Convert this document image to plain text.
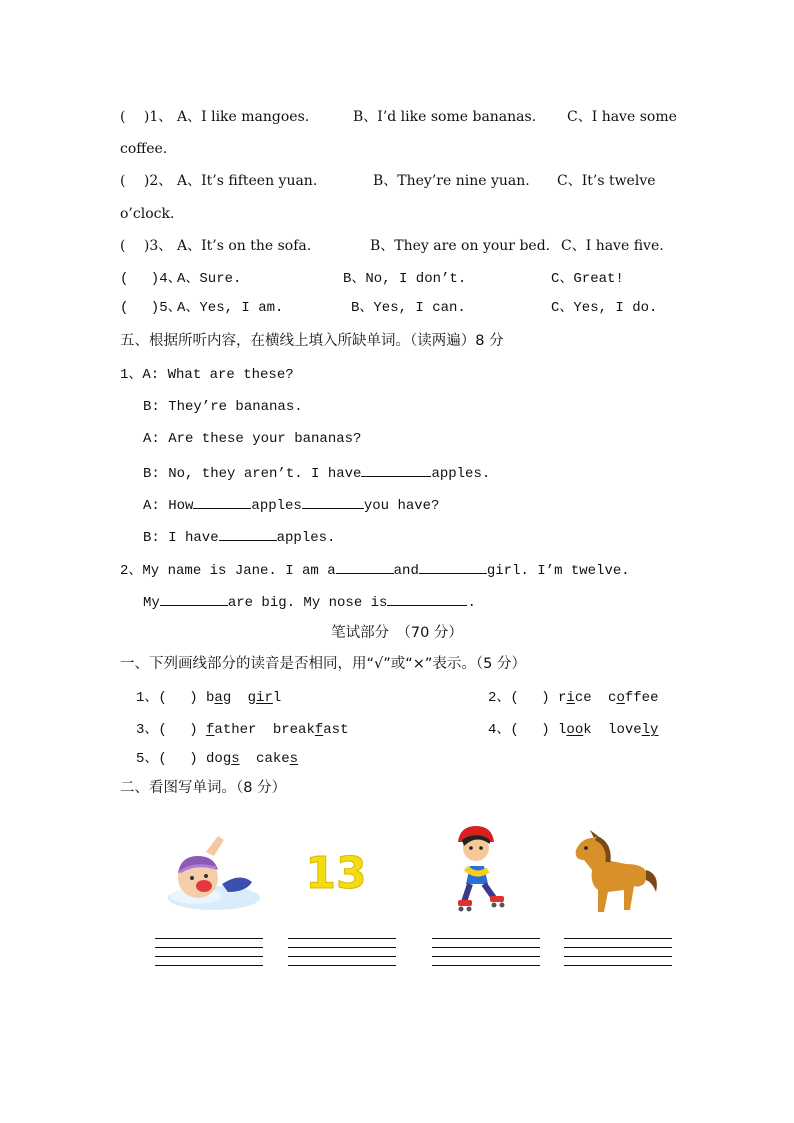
(　 )1、 A、I like mangoes.	B、I’d like some bananas. C、I have some
coffee.
(　 )2、 A、It’s fifteen yuan.	B、They’re nine yuan. C、It’s twelve
o’clock.
(　 )3、 A、It’s on the sofa.	B、They are on your bed. C、I have five.
(　 )4、
A、Sure.	B、No, I don’t.	C、Great!
(　 )5、
A、Yes, I am.	B、Yes, I can.	C、Yes, I do.
五、根据所听内容，在横线上填入所缺单词。（读两遍）8 分
1、A: What are these?
B: They’re bananas.
A: Are these your bananas?
B: No, they aren’t. I have	apples.
A: How	apples	you have?
B: I have	apples.
2、My name is Jane. I am a	and	girl. I’m twelve.
My	are big. My nose is	.
笔试部分　（70 分）
一、下列画线部分的读音是否相同，用“√”或“×”表示。（5 分）
1、(　 ) bag girl	2、(　 ) rice coffee
3、(　 ) father breakfast	4、(　 ) look lovely
5、(　 ) dogs cakes
二、看图写单词。（8 分）
13
